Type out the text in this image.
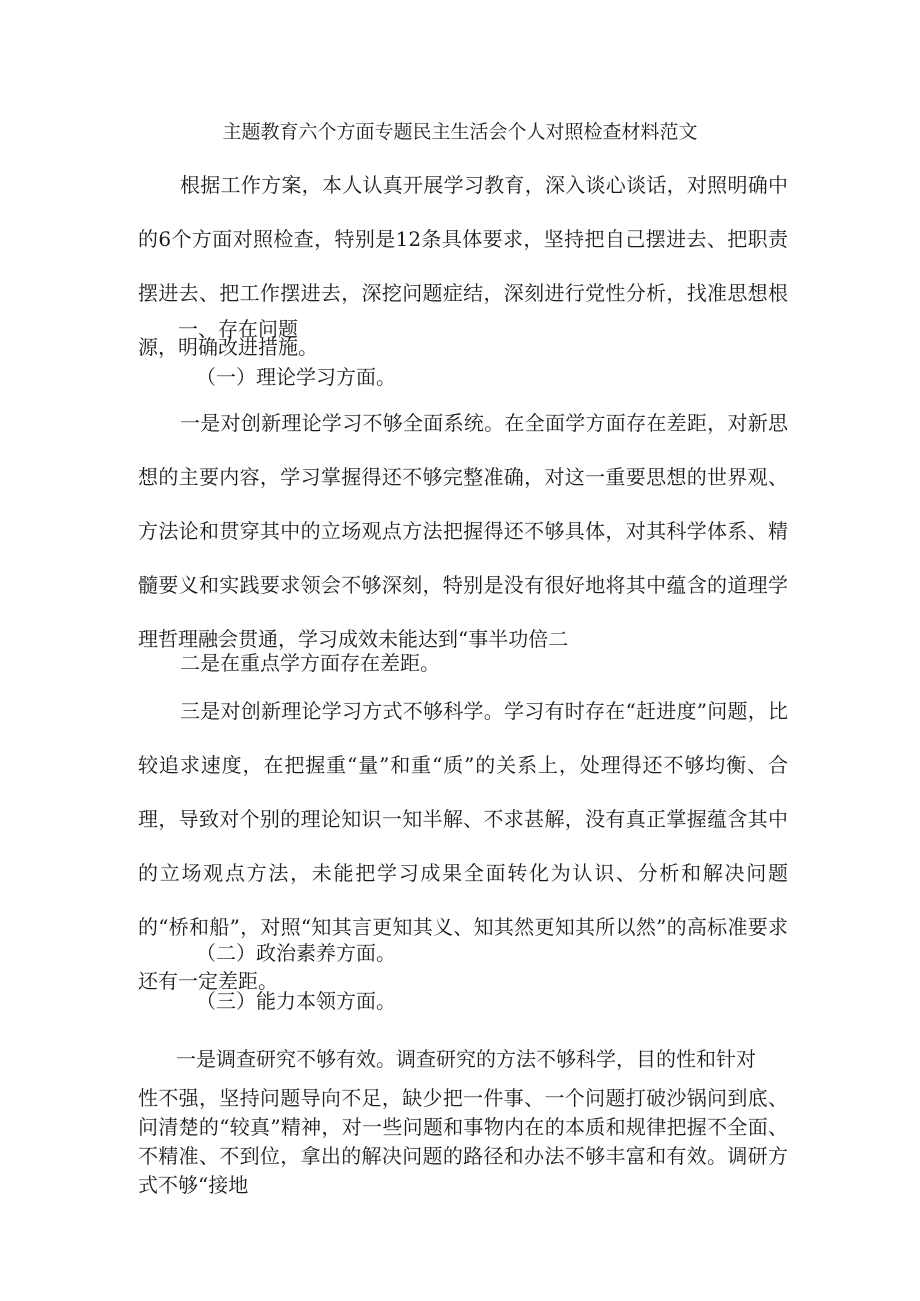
主题教育六个方面专题民主生活会个人对照检查材料范文

根据工作方案，本人认真开展学习教育，深入谈心谈话，对照明确中的6个方面对照检查，特别是12条具体要求，坚持把自己摆进去、把职责摆进去、把工作摆进去，深挖问题症结，深刻进行党性分析，找准思想根源，明确改进措施。

一、存在问题

（一）理论学习方面。

一是对创新理论学习不够全面系统。在全面学方面存在差距，对新思想的主要内容，学习掌握得还不够完整准确，对这一重要思想的世界观、方法论和贯穿其中的立场观点方法把握得还不够具体，对其科学体系、精髓要义和实践要求领会不够深刻，特别是没有很好地将其中蕴含的道理学理哲理融会贯通，学习成效未能达到“事半功倍二

二是在重点学方面存在差距。

三是对创新理论学习方式不够科学。学习有时存在“赶进度”问题，比较追求速度，在把握重“量”和重“质”的关系上，处理得还不够均衡、合理，导致对个别的理论知识一知半解、不求甚解，没有真正掌握蕴含其中的立场观点方法，未能把学习成果全面转化为认识、分析和解决问题的“桥和船”，对照“知其言更知其义、知其然更知其所以然”的高标准要求还有一定差距。

（二）政治素养方面。

（三）能力本领方面。

一是调查研究不够有效。调查研究的方法不够科学，目的性和针对

性不强，坚持问题导向不足，缺少把一件事、一个问题打破沙锅问到底、问清楚的“较真”精神，对一些问题和事物内在的本质和规律把握不全面、不精准、不到位，拿出的解决问题的路径和办法不够丰富和有效。调研方式不够“接地
